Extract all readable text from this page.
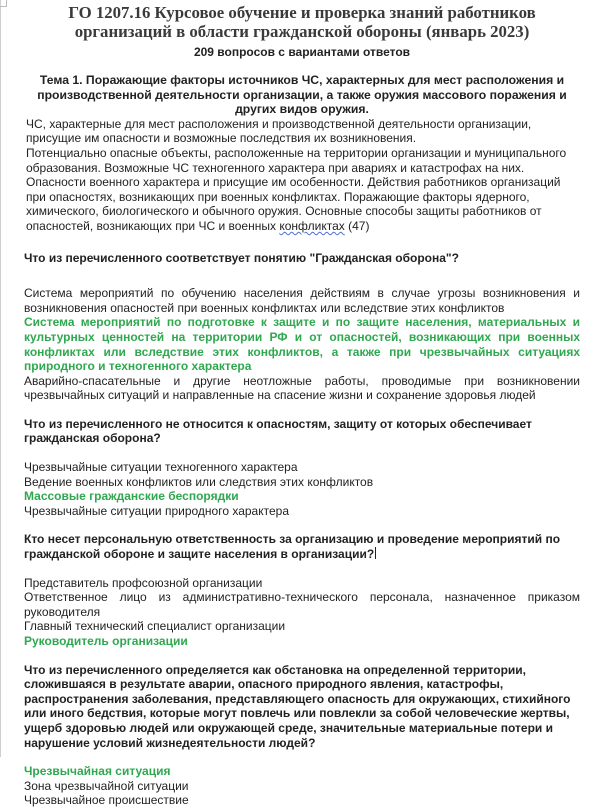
ГО 1207.16 Курсовое обучение и проверка знаний работников
организаций в области гражданской обороны (январь 2023)

209 вопросов с вариантами ответов

Тема 1. Поражающие факторы источников ЧС, характерных для мест расположения и производственной деятельности организации, а также оружия массового поражения и других видов оружия.

ЧС, характерные для мест расположения и производственной деятельности организации, присущие им опасности и возможные последствия их возникновения.

Потенциально опасные объекты, расположенные на территории организации и муниципального образования. Возможные ЧС техногенного характера при авариях и катастрофах на них.

Опасности военного характера и присущие им особенности. Действия работников организаций при опасностях, возникающих при военных конфликтах. Поражающие факторы ядерного, химического, биологического и обычного оружия. Основные способы защиты работников от опасностей, возникающих при ЧС и военных конфликтах (47)

Что из перечисленного соответствует понятию "Гражданская оборона"?

Система мероприятий по обучению населения действиям в случае угрозы возникновения и возникновения опасностей при военных конфликтах или вследствие этих конфликтов
Система мероприятий по подготовке к защите и по защите населения, материальных и культурных ценностей на территории РФ и от опасностей, возникающих при военных конфликтах или вследствие этих конфликтов, а также при чрезвычайных ситуациях природного и техногенного характера
Аварийно-спасательные и другие неотложные работы, проводимые при возникновении чрезвычайных ситуаций и направленные на спасение жизни и сохранение здоровья людей

Что из перечисленного не относится к опасностям, защиту от которых обеспечивает гражданская оборона?

Чрезвычайные ситуации техногенного характера
Ведение военных конфликтов или следствия этих конфликтов
Массовые гражданские беспорядки
Чрезвычайные ситуации природного характера

Кто несет персональную ответственность за организацию и проведение мероприятий по гражданской обороне и защите населения в организации?

Представитель профсоюзной организации
Ответственное лицо из административно-технического персонала, назначенное приказом руководителя
Главный технический специалист организации
Руководитель организации

Что из перечисленного определяется как обстановка на определенной территории, сложившаяся в результате аварии, опасного природного явления, катастрофы, распространения заболевания, представляющего опасность для окружающих, стихийного или иного бедствия, которые могут повлечь или повлекли за собой человеческие жертвы, ущерб здоровью людей или окружающей среде, значительные материальные потери и нарушение условий жизнедеятельности людей?

Чрезвычайная ситуация
Зона чрезвычайной ситуации
Чрезвычайное происшествие
